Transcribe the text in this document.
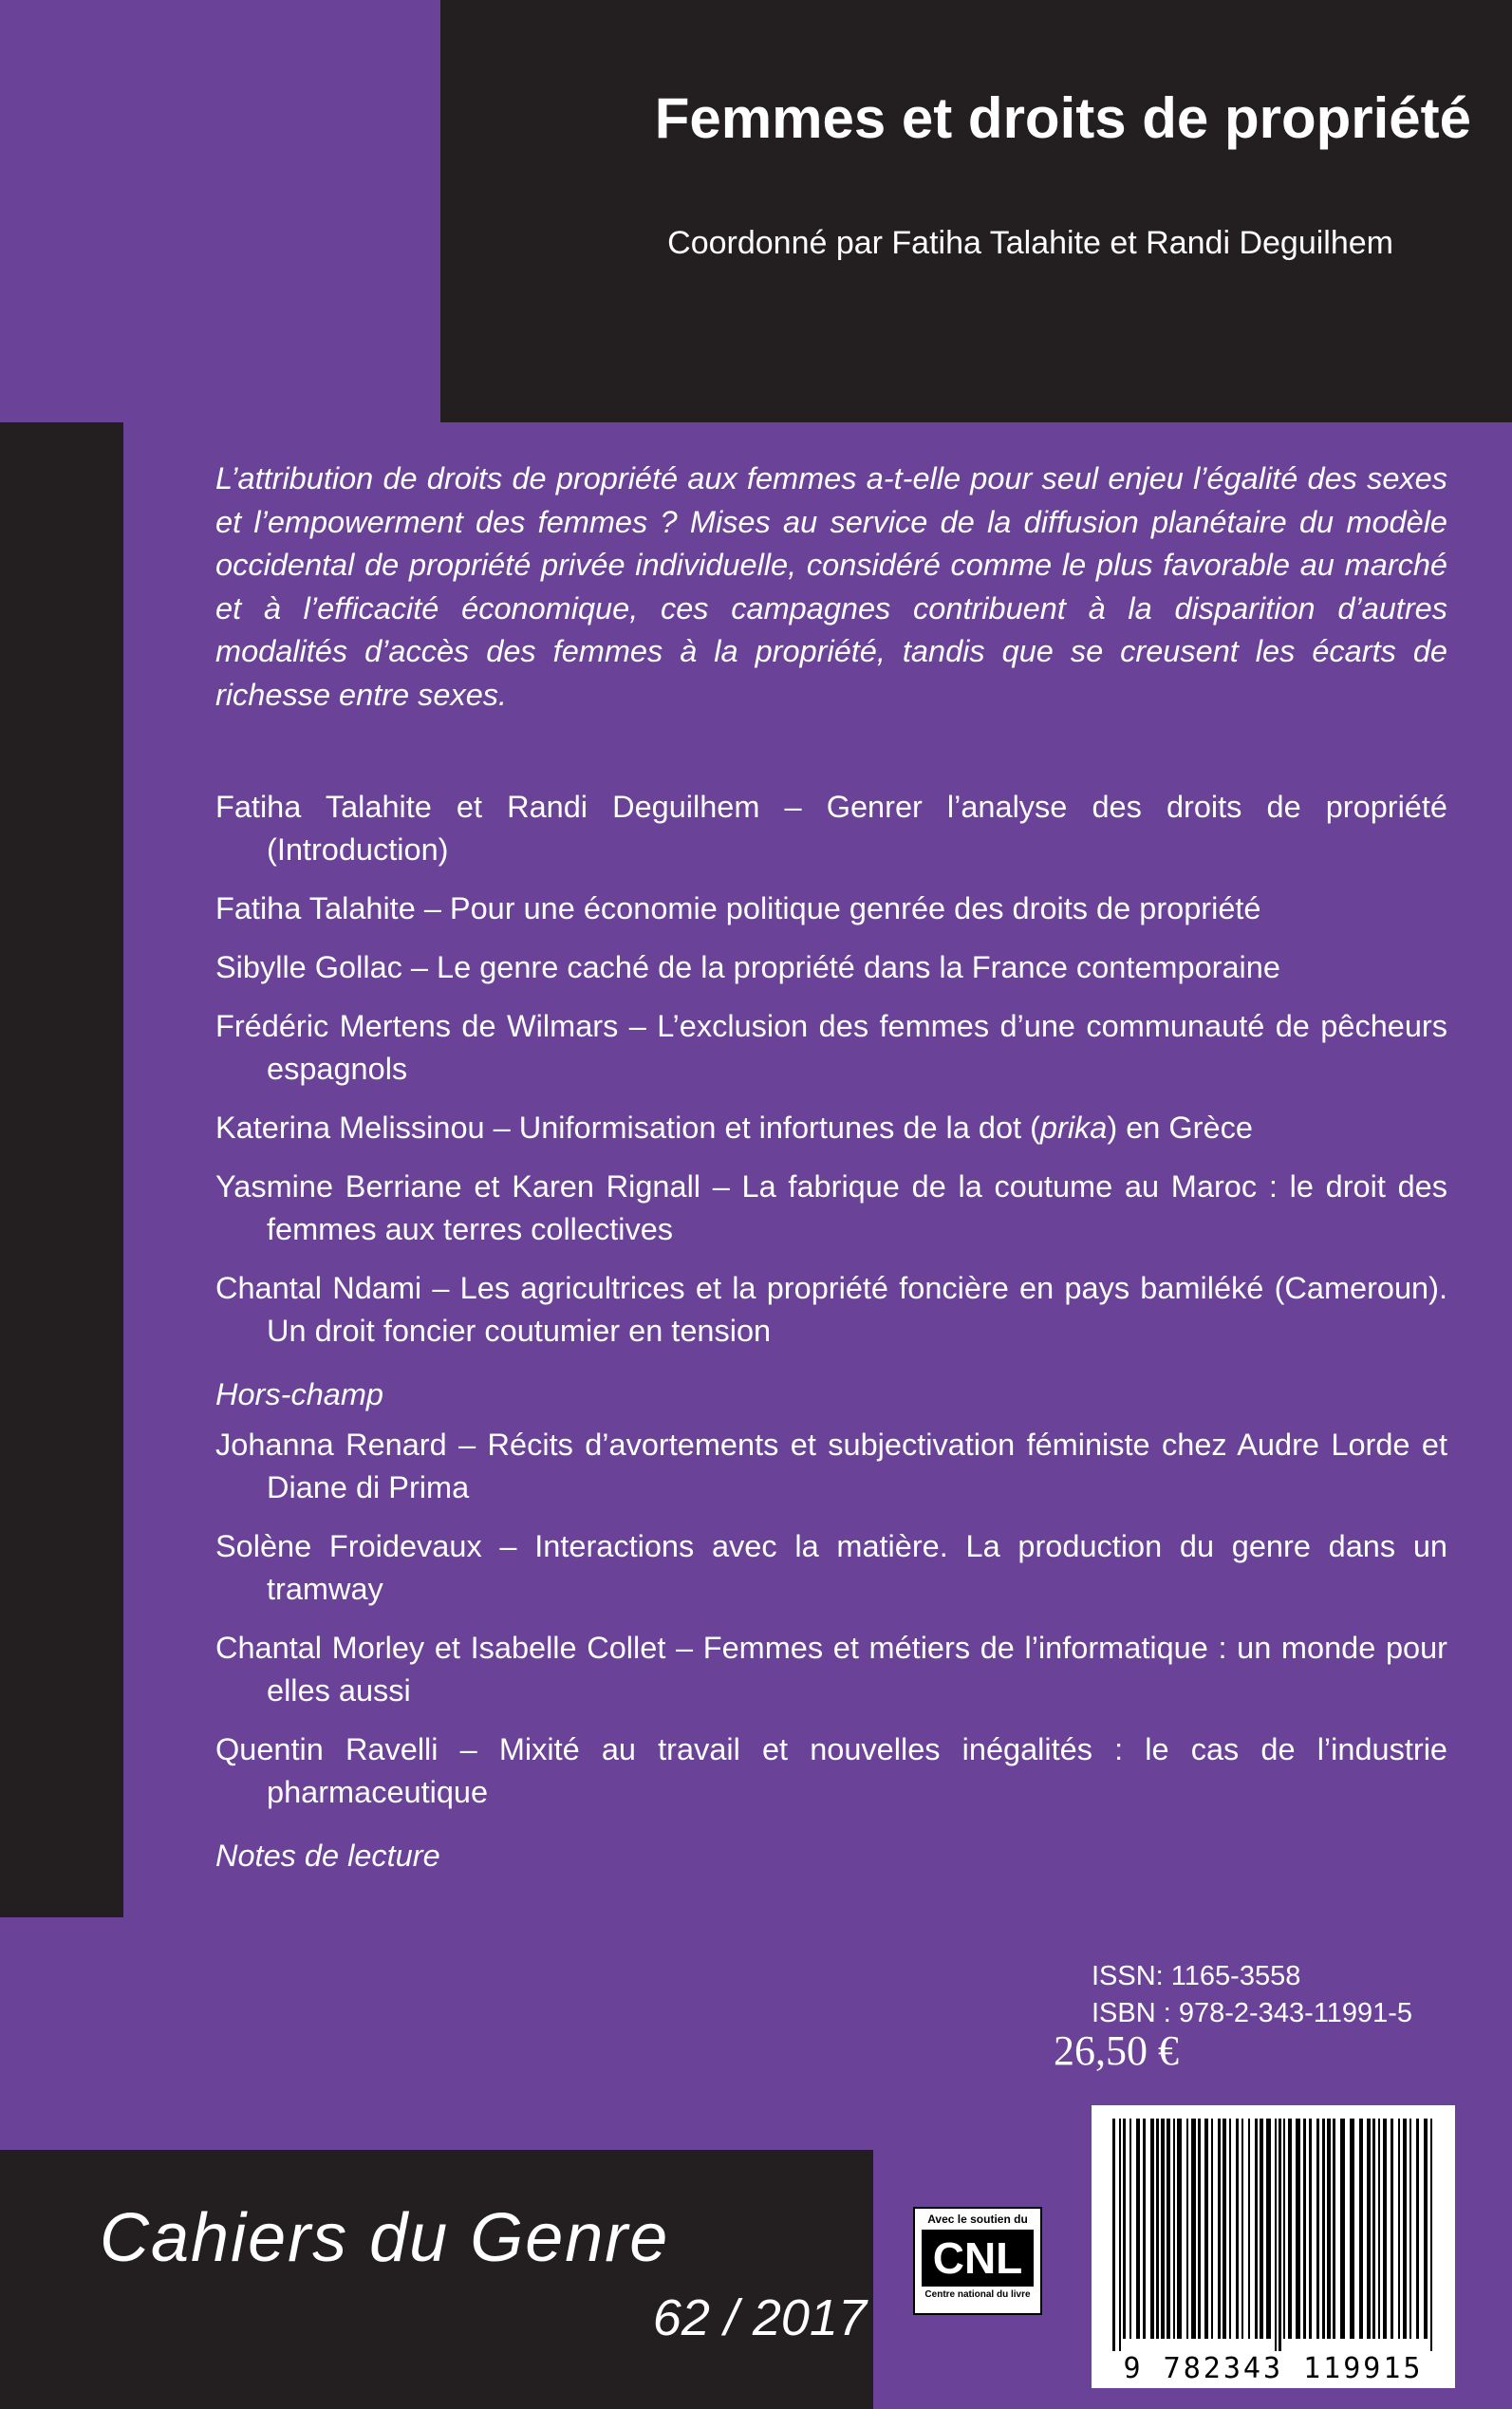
Femmes et droits de propriété
Coordonné par Fatiha Talahite et Randi Deguilhem

L’attribution de droits de propriété aux femmes a-t-elle pour seul enjeu l’égalité des sexes et l’empowerment des femmes ? Mises au service de la diffusion planétaire du modèle occidental de propriété privée individuelle, considéré comme le plus favorable au marché et à l’efficacité économique, ces campagnes contribuent à la disparition d’autres modalités d’accès des femmes à la propriété, tandis que se creusent les écarts de richesse entre sexes.

Fatiha Talahite et Randi Deguilhem – Genrer l’analyse des droits de propriété (Introduction)

Fatiha Talahite – Pour une économie politique genrée des droits de propriété

Sibylle Gollac – Le genre caché de la propriété dans la France contemporaine

Frédéric Mertens de Wilmars – L’exclusion des femmes d’une communauté de pêcheurs espagnols

Katerina Melissinou – Uniformisation et infortunes de la dot (prika) en Grèce

Yasmine Berriane et Karen Rignall – La fabrique de la coutume au Maroc : le droit des femmes aux terres collectives

Chantal Ndami – Les agricultrices et la propriété foncière en pays bamiléké (Cameroun). Un droit foncier coutumier en tension

Hors-champ

Johanna Renard – Récits d’avortements et subjectivation féministe chez Audre Lorde et Diane di Prima

Solène Froidevaux – Interactions avec la matière. La production du genre dans un tramway

Chantal Morley et Isabelle Collet – Femmes et métiers de l’informatique : un monde pour elles aussi

Quentin Ravelli – Mixité au travail et nouvelles inégalités : le cas de l’industrie pharmaceutique

Notes de lecture

ISSN: 1165-3558
ISBN : 978-2-343-11991-5
26,50 €
Cahiers du Genre
62 / 2017
Avec le soutien du
CNL
Centre national du livre
9 782343 119915
